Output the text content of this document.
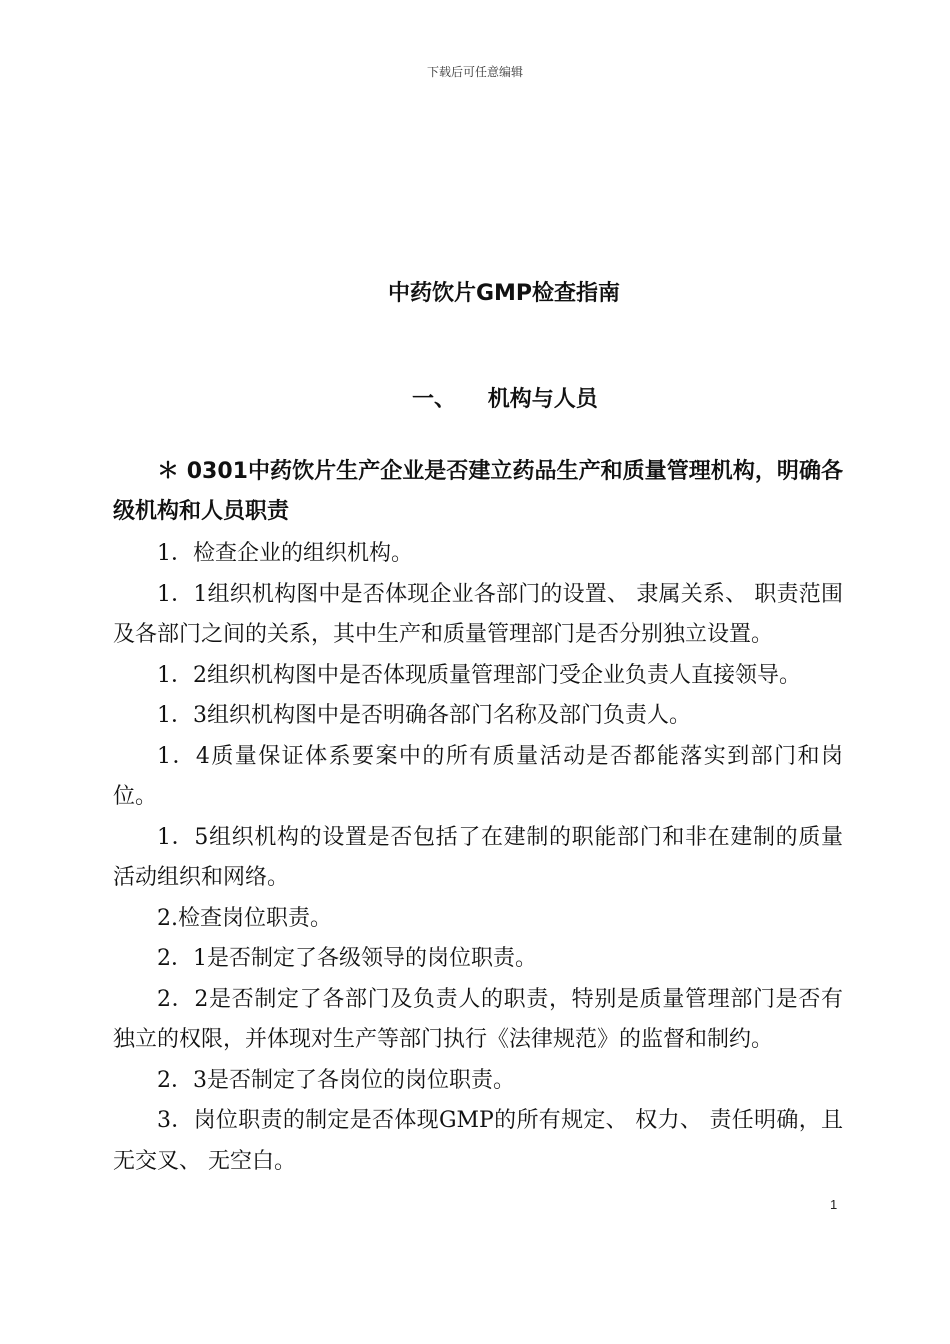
下载后可任意编辑
中药饮片GMP检查指南
一、 机构与人员

＊ 0301中药饮片生产企业是否建立药品生产和质量管理机构，明确各级机构和人员职责

1．检查企业的组织机构。

1．1组织机构图中是否体现企业各部门的设置、 隶属关系、 职责范围及各部门之间的关系，其中生产和质量管理部门是否分别独立设置。

1．2组织机构图中是否体现质量管理部门受企业负责人直接领导。

1．3组织机构图中是否明确各部门名称及部门负责人。

1．4质量保证体系要案中的所有质量活动是否都能落实到部门和岗位。

1．5组织机构的设置是否包括了在建制的职能部门和非在建制的质量活动组织和网络。

2.检查岗位职责。

2．1是否制定了各级领导的岗位职责。

2．2是否制定了各部门及负责人的职责，特别是质量管理部门是否有独立的权限，并体现对生产等部门执行《法律规范》的监督和制约。

2．3是否制定了各岗位的岗位职责。

3．岗位职责的制定是否体现GMP的所有规定、 权力、 责任明确，且无交叉、 无空白。

1
